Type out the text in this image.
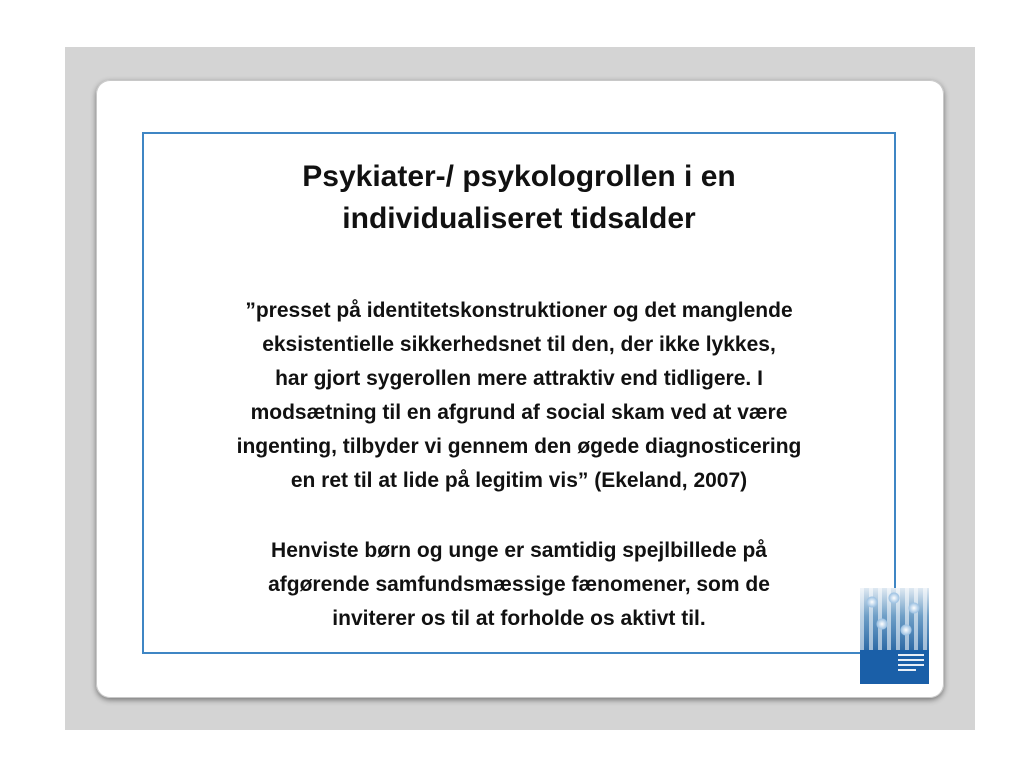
Psykiater-/ psykologrollen i en
individualiseret tidsalder
”presset på identitetskonstruktioner og det manglende
eksistentielle sikkerhedsnet til den, der ikke lykkes,
har gjort sygerollen mere attraktiv end tidligere. I
modsætning til en afgrund af social skam ved at være
ingenting, tilbyder vi gennem den øgede diagnosticering
en ret til at lide på legitim vis” (Ekeland, 2007)
Henviste børn og unge er samtidig spejlbillede på
afgørende samfundsmæssige fænomener, som de
inviterer os til at forholde os aktivt til.
